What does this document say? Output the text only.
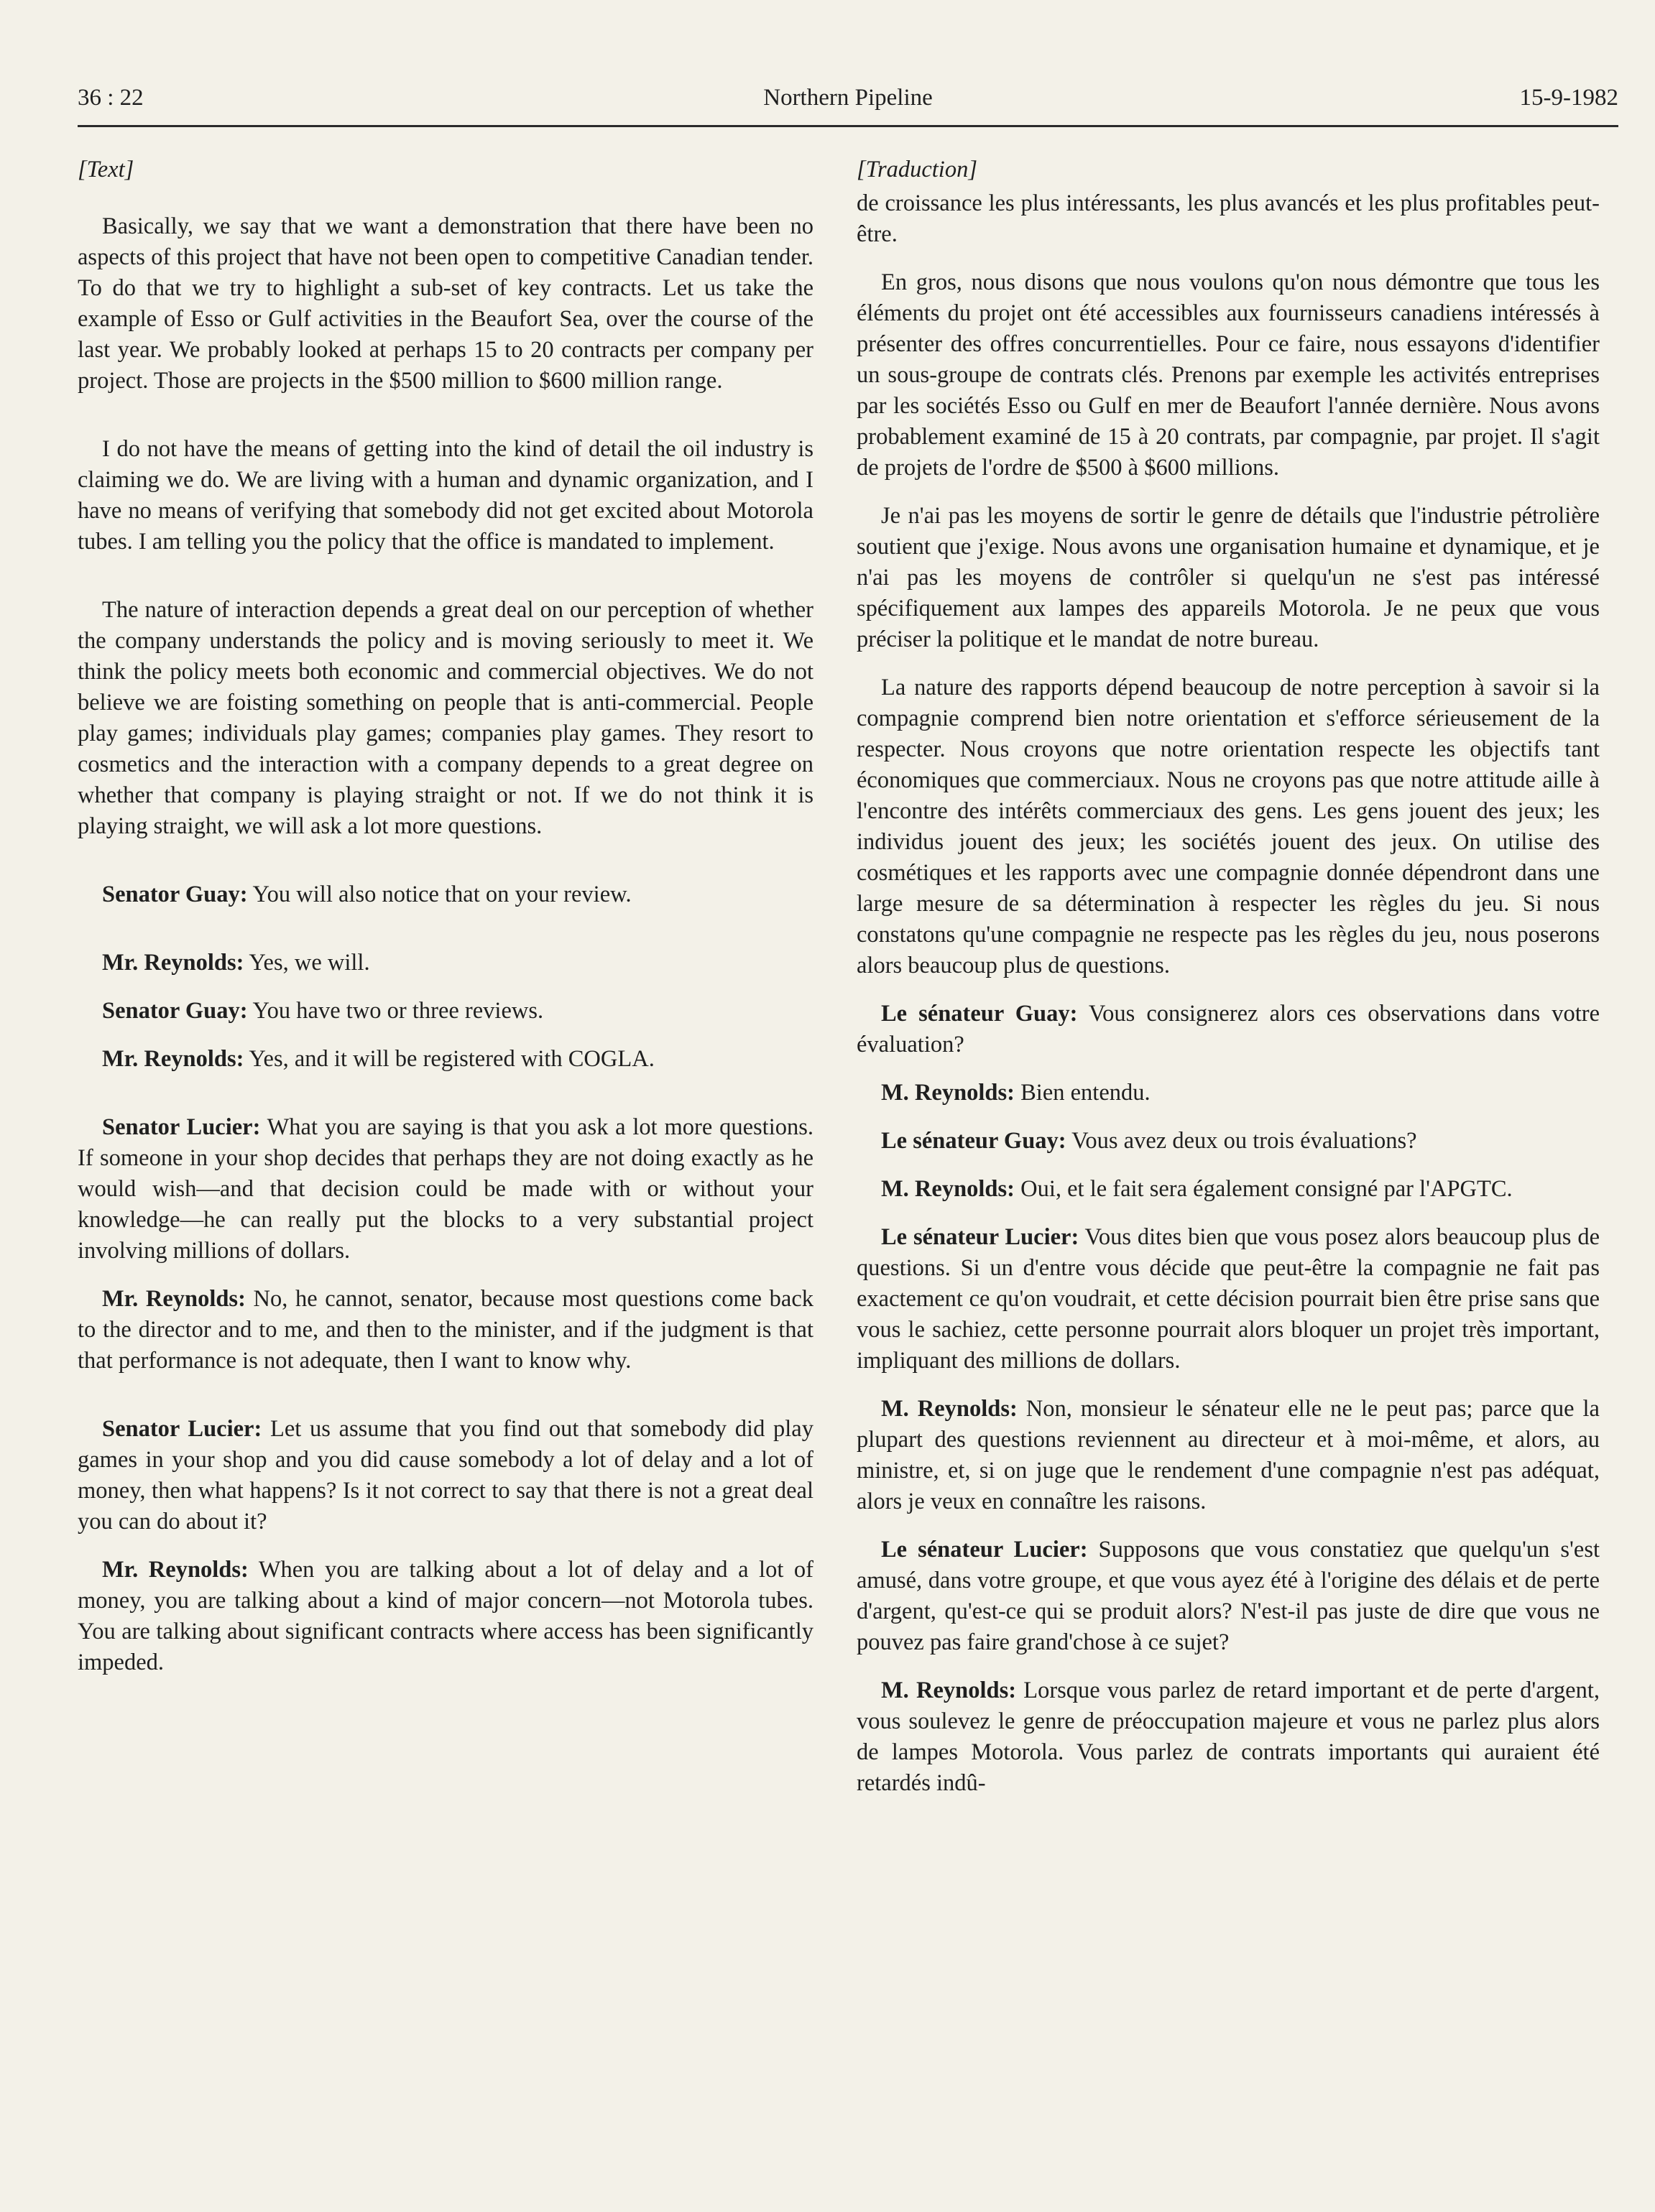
36 : 22	Northern Pipeline	15-9-1982

[Text]

Basically, we say that we want a demonstration that there have been no aspects of this project that have not been open to competitive Canadian tender. To do that we try to highlight a sub-set of key contracts. Let us take the example of Esso or Gulf activities in the Beaufort Sea, over the course of the last year. We probably looked at perhaps 15 to 20 contracts per company per project. Those are projects in the $500 million to $600 million range.

I do not have the means of getting into the kind of detail the oil industry is claiming we do. We are living with a human and dynamic organization, and I have no means of verifying that somebody did not get excited about Motorola tubes. I am telling you the policy that the office is mandated to implement.

The nature of interaction depends a great deal on our perception of whether the company understands the policy and is moving seriously to meet it. We think the policy meets both economic and commercial objectives. We do not believe we are foisting something on people that is anti-commercial. People play games; individuals play games; companies play games. They resort to cosmetics and the interaction with a company depends to a great degree on whether that company is playing straight or not. If we do not think it is playing straight, we will ask a lot more questions.

Senator Guay: You will also notice that on your review.

Mr. Reynolds: Yes, we will.

Senator Guay: You have two or three reviews.

Mr. Reynolds: Yes, and it will be registered with COGLA.

Senator Lucier: What you are saying is that you ask a lot more questions. If someone in your shop decides that perhaps they are not doing exactly as he would wish—and that decision could be made with or without your knowledge—he can really put the blocks to a very substantial project involving millions of dollars.

Mr. Reynolds: No, he cannot, senator, because most questions come back to the director and to me, and then to the minister, and if the judgment is that that performance is not adequate, then I want to know why.

Senator Lucier: Let us assume that you find out that somebody did play games in your shop and you did cause somebody a lot of delay and a lot of money, then what happens? Is it not correct to say that there is not a great deal you can do about it?

Mr. Reynolds: When you are talking about a lot of delay and a lot of money, you are talking about a kind of major concern—not Motorola tubes. You are talking about significant contracts where access has been significantly impeded.

[Traduction]

de croissance les plus intéressants, les plus avancés et les plus profitables peut-être.

En gros, nous disons que nous voulons qu'on nous démontre que tous les éléments du projet ont été accessibles aux fournisseurs canadiens intéressés à présenter des offres concurrentielles. Pour ce faire, nous essayons d'identifier un sous-groupe de contrats clés. Prenons par exemple les activités entreprises par les sociétés Esso ou Gulf en mer de Beaufort l'année dernière. Nous avons probablement examiné de 15 à 20 contrats, par compagnie, par projet. Il s'agit de projets de l'ordre de $500 à $600 millions.

Je n'ai pas les moyens de sortir le genre de détails que l'industrie pétrolière soutient que j'exige. Nous avons une organisation humaine et dynamique, et je n'ai pas les moyens de contrôler si quelqu'un ne s'est pas intéressé spécifiquement aux lampes des appareils Motorola. Je ne peux que vous préciser la politique et le mandat de notre bureau.

La nature des rapports dépend beaucoup de notre perception à savoir si la compagnie comprend bien notre orientation et s'efforce sérieusement de la respecter. Nous croyons que notre orientation respecte les objectifs tant économiques que commerciaux. Nous ne croyons pas que notre attitude aille à l'encontre des intérêts commerciaux des gens. Les gens jouent des jeux; les individus jouent des jeux; les sociétés jouent des jeux. On utilise des cosmétiques et les rapports avec une compagnie donnée dépendront dans une large mesure de sa détermination à respecter les règles du jeu. Si nous constatons qu'une compagnie ne respecte pas les règles du jeu, nous poserons alors beaucoup plus de questions.

Le sénateur Guay: Vous consignerez alors ces observations dans votre évaluation?

M. Reynolds: Bien entendu.

Le sénateur Guay: Vous avez deux ou trois évaluations?

M. Reynolds: Oui, et le fait sera également consigné par l'APGTC.

Le sénateur Lucier: Vous dites bien que vous posez alors beaucoup plus de questions. Si un d'entre vous décide que peut-être la compagnie ne fait pas exactement ce qu'on voudrait, et cette décision pourrait bien être prise sans que vous le sachiez, cette personne pourrait alors bloquer un projet très important, impliquant des millions de dollars.

M. Reynolds: Non, monsieur le sénateur elle ne le peut pas; parce que la plupart des questions reviennent au directeur et à moi-même, et alors, au ministre, et, si on juge que le rendement d'une compagnie n'est pas adéquat, alors je veux en connaître les raisons.

Le sénateur Lucier: Supposons que vous constatiez que quelqu'un s'est amusé, dans votre groupe, et que vous ayez été à l'origine des délais et de perte d'argent, qu'est-ce qui se produit alors? N'est-il pas juste de dire que vous ne pouvez pas faire grand'chose à ce sujet?

M. Reynolds: Lorsque vous parlez de retard important et de perte d'argent, vous soulevez le genre de préoccupation majeure et vous ne parlez plus alors de lampes Motorola. Vous parlez de contrats importants qui auraient été retardés indû-
